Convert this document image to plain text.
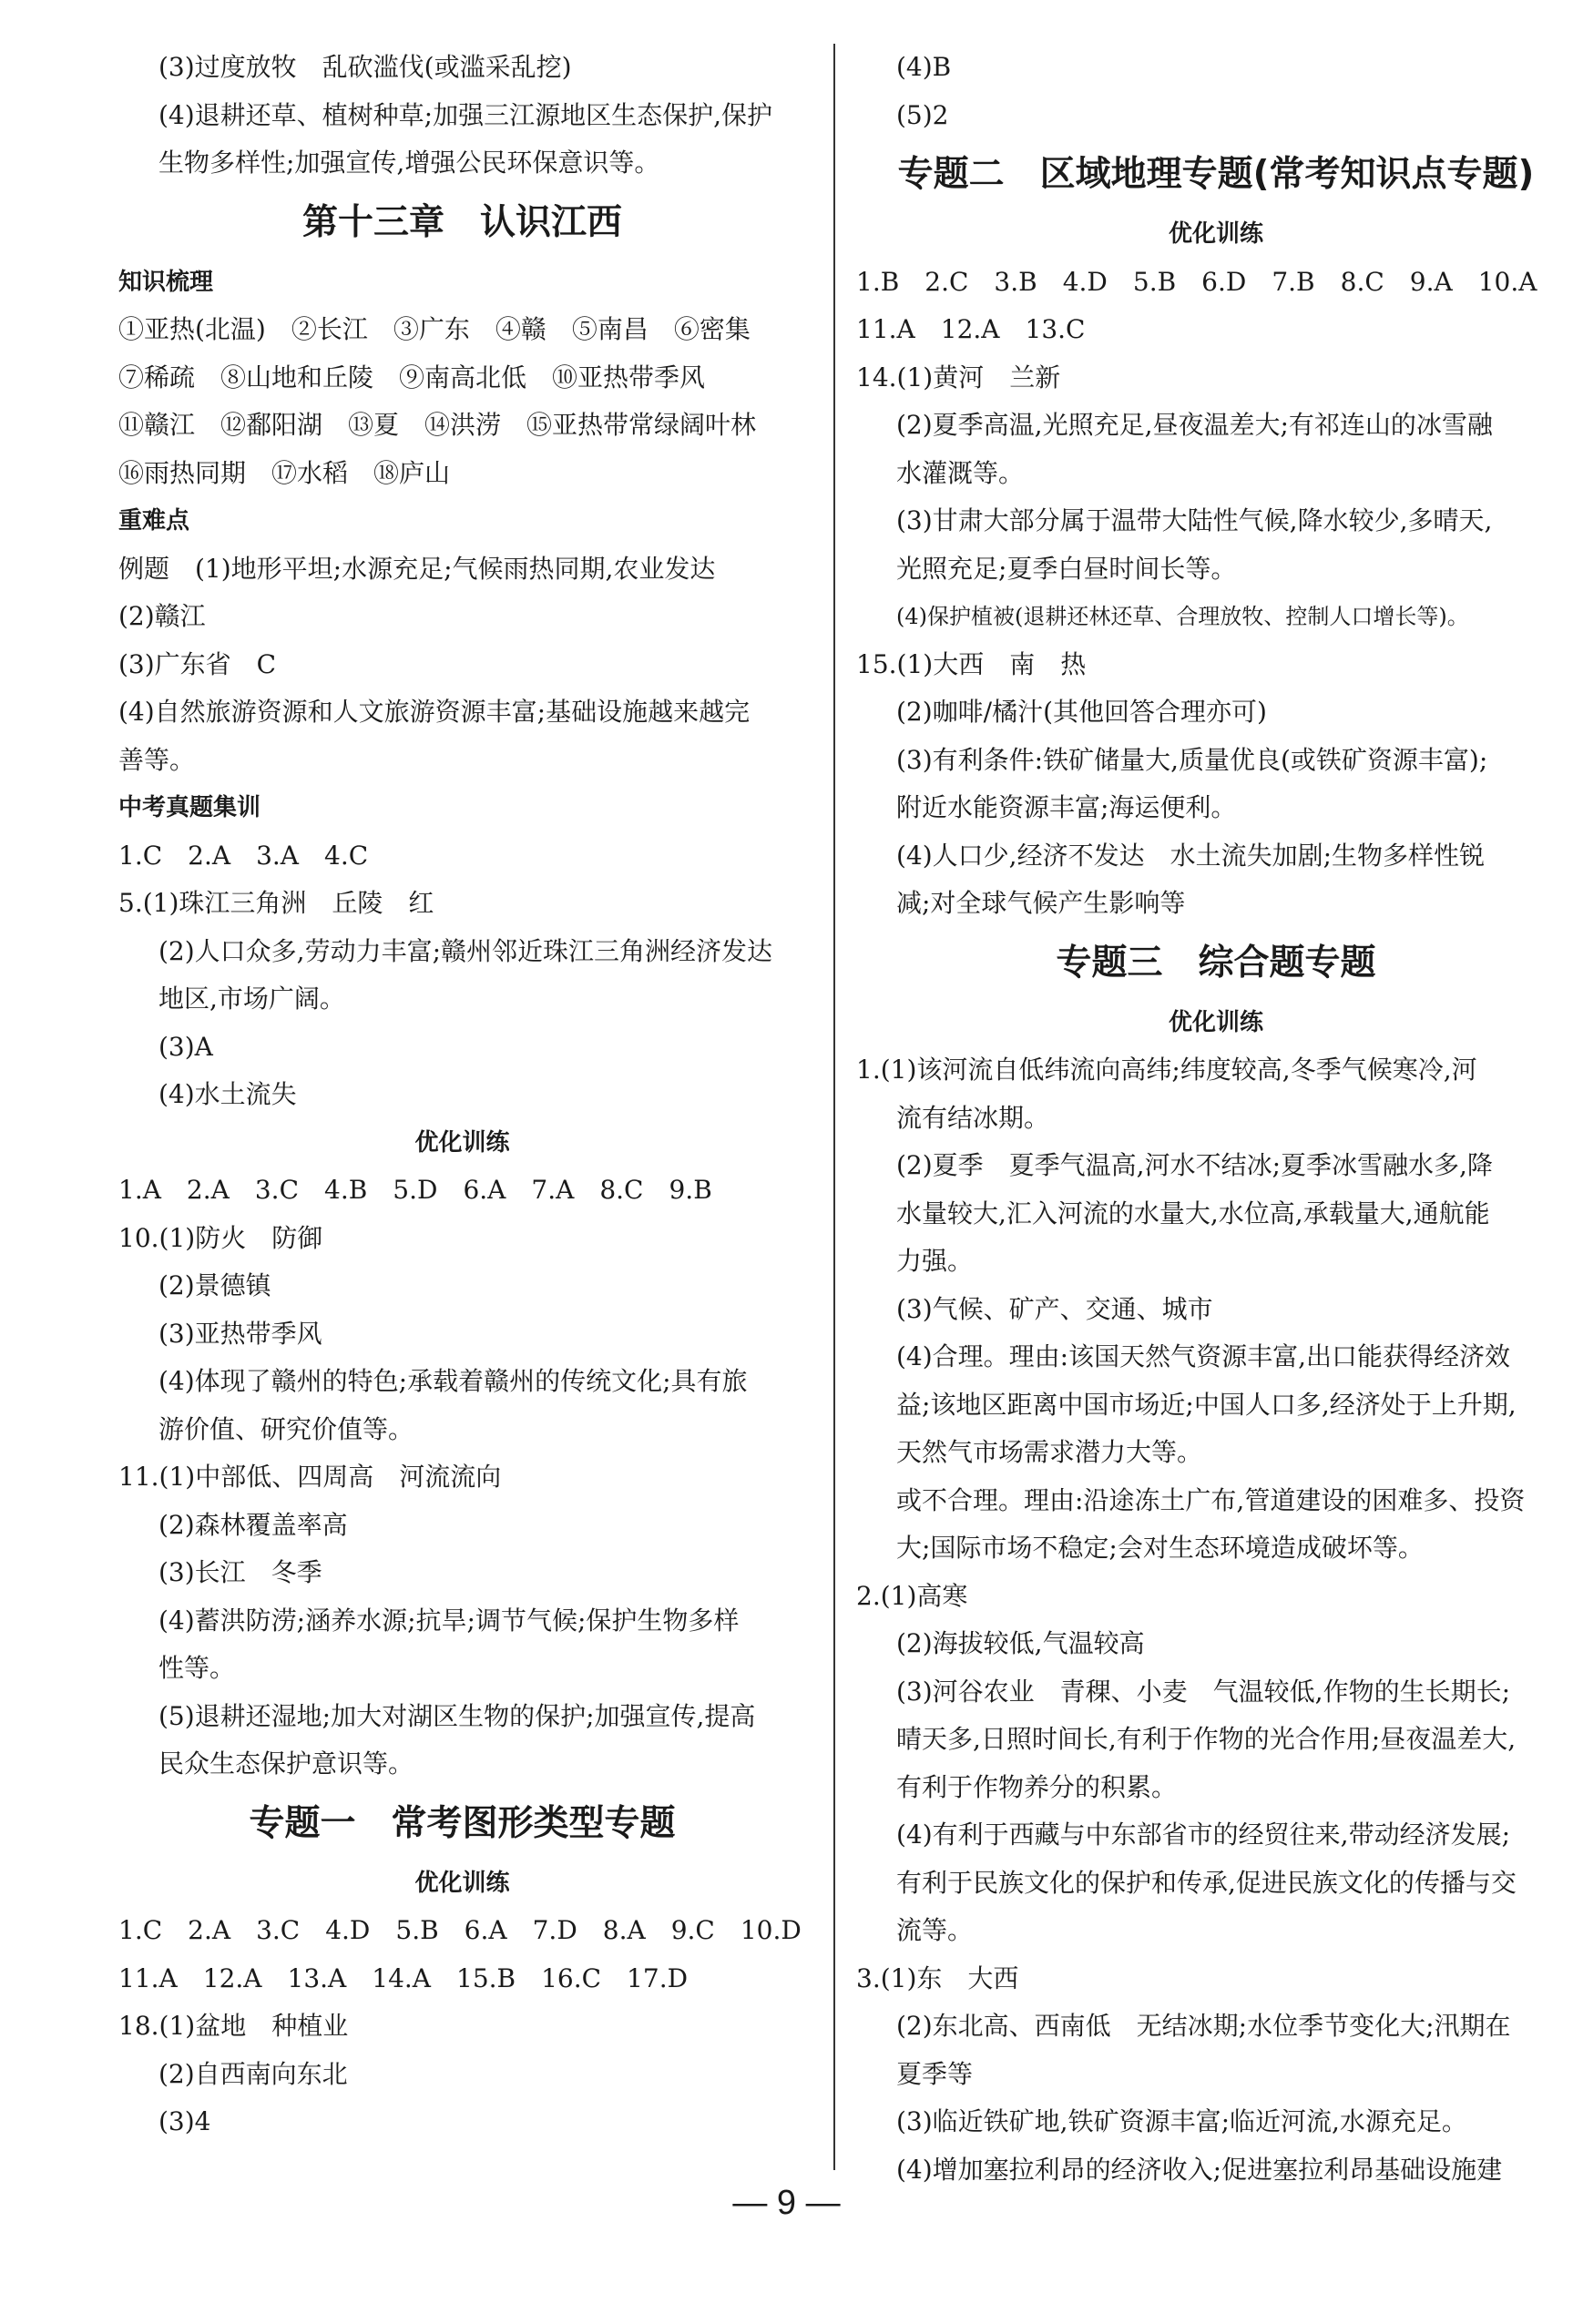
(3)过度放牧　乱砍滥伐(或滥采乱挖)
(4)退耕还草、植树种草;加强三江源地区生态保护,保护
生物多样性;加强宣传,增强公民环保意识等。
第十三章　认识江西
知识梳理
①亚热(北温)　②长江　③广东　④赣　⑤南昌　⑥密集
⑦稀疏　⑧山地和丘陵　⑨南高北低　⑩亚热带季风
⑪赣江　⑫鄱阳湖　⑬夏　⑭洪涝　⑮亚热带常绿阔叶林
⑯雨热同期　⑰水稻　⑱庐山
重难点
例题　(1)地形平坦;水源充足;气候雨热同期,农业发达
(2)赣江
(3)广东省　C
(4)自然旅游资源和人文旅游资源丰富;基础设施越来越完
善等。
中考真题集训
1.C　2.A　3.A　4.C
5.(1)珠江三角洲　丘陵　红
(2)人口众多,劳动力丰富;赣州邻近珠江三角洲经济发达
地区,市场广阔。
(3)A
(4)水土流失
优化训练
1.A　2.A　3.C　4.B　5.D　6.A　7.A　8.C　9.B
10.(1)防火　防御
(2)景德镇
(3)亚热带季风
(4)体现了赣州的特色;承载着赣州的传统文化;具有旅
游价值、研究价值等。
11.(1)中部低、四周高　河流流向
(2)森林覆盖率高
(3)长江　冬季
(4)蓄洪防涝;涵养水源;抗旱;调节气候;保护生物多样
性等。
(5)退耕还湿地;加大对湖区生物的保护;加强宣传,提高
民众生态保护意识等。
专题一　常考图形类型专题
优化训练
1.C　2.A　3.C　4.D　5.B　6.A　7.D　8.A　9.C　10.D
11.A　12.A　13.A　14.A　15.B　16.C　17.D
18.(1)盆地　种植业
(2)自西南向东北
(3)4
(4)B
(5)2
专题二　区域地理专题(常考知识点专题)
优化训练
1.B　2.C　3.B　4.D　5.B　6.D　7.B　8.C　9.A　10.A
11.A　12.A　13.C
14.(1)黄河　兰新
(2)夏季高温,光照充足,昼夜温差大;有祁连山的冰雪融
水灌溉等。
(3)甘肃大部分属于温带大陆性气候,降水较少,多晴天,
光照充足;夏季白昼时间长等。
(4)保护植被(退耕还林还草、合理放牧、控制人口增长等)。
15.(1)大西　南　热
(2)咖啡/橘汁(其他回答合理亦可)
(3)有利条件:铁矿储量大,质量优良(或铁矿资源丰富);
附近水能资源丰富;海运便利。
(4)人口少,经济不发达　水土流失加剧;生物多样性锐
减;对全球气候产生影响等
专题三　综合题专题
优化训练
1.(1)该河流自低纬流向高纬;纬度较高,冬季气候寒冷,河
流有结冰期。
(2)夏季　夏季气温高,河水不结冰;夏季冰雪融水多,降
水量较大,汇入河流的水量大,水位高,承载量大,通航能
力强。
(3)气候、矿产、交通、城市
(4)合理。理由:该国天然气资源丰富,出口能获得经济效
益;该地区距离中国市场近;中国人口多,经济处于上升期,
天然气市场需求潜力大等。
或不合理。理由:沿途冻土广布,管道建设的困难多、投资
大;国际市场不稳定;会对生态环境造成破坏等。
2.(1)高寒
(2)海拔较低,气温较高
(3)河谷农业　青稞、小麦　气温较低,作物的生长期长;
晴天多,日照时间长,有利于作物的光合作用;昼夜温差大,
有利于作物养分的积累。
(4)有利于西藏与中东部省市的经贸往来,带动经济发展;
有利于民族文化的保护和传承,促进民族文化的传播与交
流等。
3.(1)东　大西
(2)东北高、西南低　无结冰期;水位季节变化大;汛期在
夏季等
(3)临近铁矿地,铁矿资源丰富;临近河流,水源充足。
(4)增加塞拉利昂的经济收入;促进塞拉利昂基础设施建
— 9 —
